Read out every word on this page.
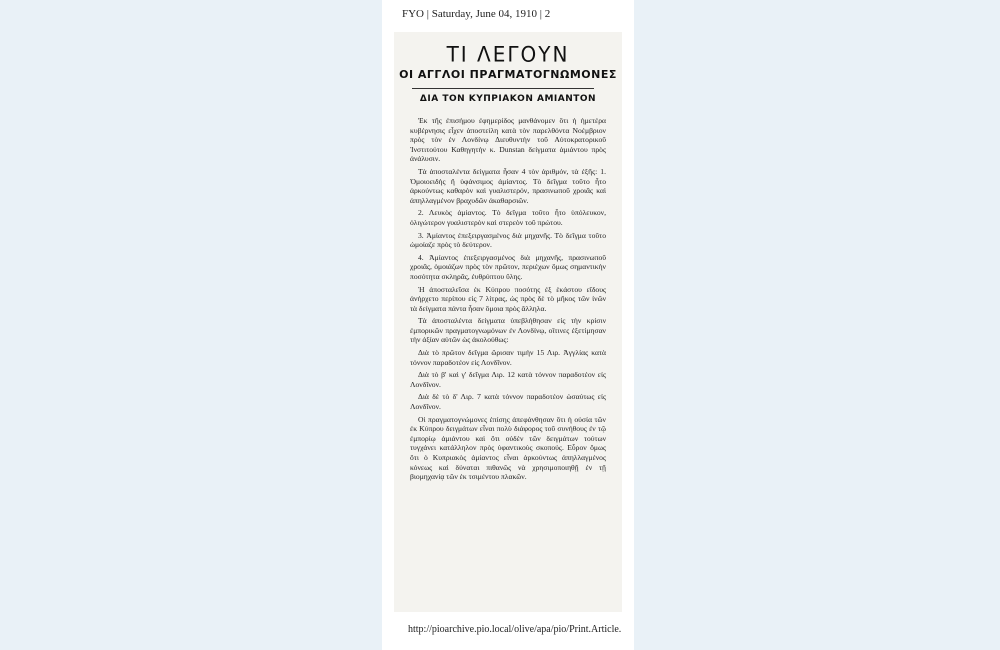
FYO | Saturday, June 04, 1910 | 2
ΤΙ ΛΕΓΟΥΝ
ΟΙ ΑΓΓΛΟΙ ΠΡΑΓΜΑΤΟΓΝΩΜΟΝΕΣ
ΔΙΑ ΤΟΝ ΚΥΠΡΙΑΚΟΝ ΑΜΙΑΝΤΟΝ

Ἐκ τῆς ἐπισήμου ἐφημερίδος μανθάνομεν ὅτι ἡ ἡμετέρα κυβέρνησις εἶχεν ἀποστείλη κατὰ τὸν παρελθόντα Νοέμβριον πρὸς τὸν ἐν Λονδίνῳ Διευθυντὴν τοῦ Αὐτοκρατορικοῦ Ἰνστιτούτου Καθηγητὴν κ. Dunstan δείγματα ἀμιάντου πρὸς ἀνάλυσιν.

Τὰ ἀποσταλέντα δείγματα ἦσαν 4 τὸν ἀριθμόν, τὰ ἑξῆς: 1. Ὁμοιοειδὴς ἢ ὑφάνσιμος ἀμίαντος. Τὸ δεῖγμα τοῦτο ἦτο ἀρκούντως καθαρὸν καὶ γυαλιστερόν, πρασινωποῦ χροιᾶς καὶ ἀπηλλαγμένον βραχυδῶν ἀκαθαρσιῶν.

2. Λευκὸς ἀμίαντος. Τὸ δεῖγμα τοῦτο ἦτο ὑπόλευκον, ὀλιγώτερον γυαλιστερὸν καὶ στερεὸν τοῦ πρώτου.

3. Ἀμίαντος ἐπεξειργασμένος διὰ μηχανῆς. Τὸ δεῖγμα τοῦτο ὡμοίαζε πρὸς τὸ δεύτερον.

4. Ἀμίαντος ἐπεξειργασμένος διὰ μηχανῆς, πρασινωποῦ χροιᾶς, ὁμοιάζων πρὸς τὸν πρῶτον, περιέχων ὅμως σημαντικὴν ποσότητα σκληρᾶς, ἐυθρύπτου ὕλης.

Ἡ ἀποσταλεῖσα ἐκ Κύπρου ποσότης ἐξ ἑκάστου εἴδους ἀνήρχετο περίπου εἰς 7 λίτρας, ὡς πρὸς δὲ τὸ μῆκος τῶν ἰνῶν τὰ δείγματα πάντα ἦσαν ὅμοια πρὸς ἄλληλα.

Τὰ ἀποσταλέντα δείγματα ὑπεβλήθησαν εἰς τὴν κρίσιν ἐμπορικῶν πραγματογνωμόνων ἐν Λονδίνῳ, οἵτινες ἐξετίμησαν τὴν ἀξίαν αὐτῶν ὡς ἀκολούθως:

Διὰ τὸ πρῶτον δεῖγμα ὥρισαν τιμὴν 15 Λιρ. Ἀγγλίας κατὰ τόννον παραδοτέον εἰς Λονδῖνον.

Διὰ τὸ β' καὶ γ' δεῖγμα Λιρ. 12 κατὰ τόννον παραδοτέον εἰς Λονδῖνον.

Διὰ δὲ τὸ δ' Λιρ. 7 κατὰ τόννον παραδοτέον ὡσαύτως εἰς Λονδῖνον.

Οἱ πραγματογνώμονες ἐπίσης ἀπεφάνθησαν ὅτι ἡ οὐσία τῶν ἐκ Κύπρου δειγμάτων εἶναι πολὺ διάφορος τοῦ συνήθους ἐν τῷ ἐμπορίῳ ἀμιάντου καὶ ὅτι οὐδὲν τῶν δειγμάτων τούτων τυγχάνει κατάλληλον πρὸς ὑφαντικοὺς σκοπούς. Εὗρον ὅμως ὅτι ὁ Κυπριακὸς ἀμίαντος εἶναι ἀρκούντως ἀπηλλαγμένος κόνεως καὶ δύναται πιθανῶς νὰ χρησιμοποιηθῇ ἐν τῇ βιομηχανίᾳ τῶν ἐκ τσιμέντου πλακῶν.

http://pioarchive.pio.local/olive/apa/pio/Print.Article.
